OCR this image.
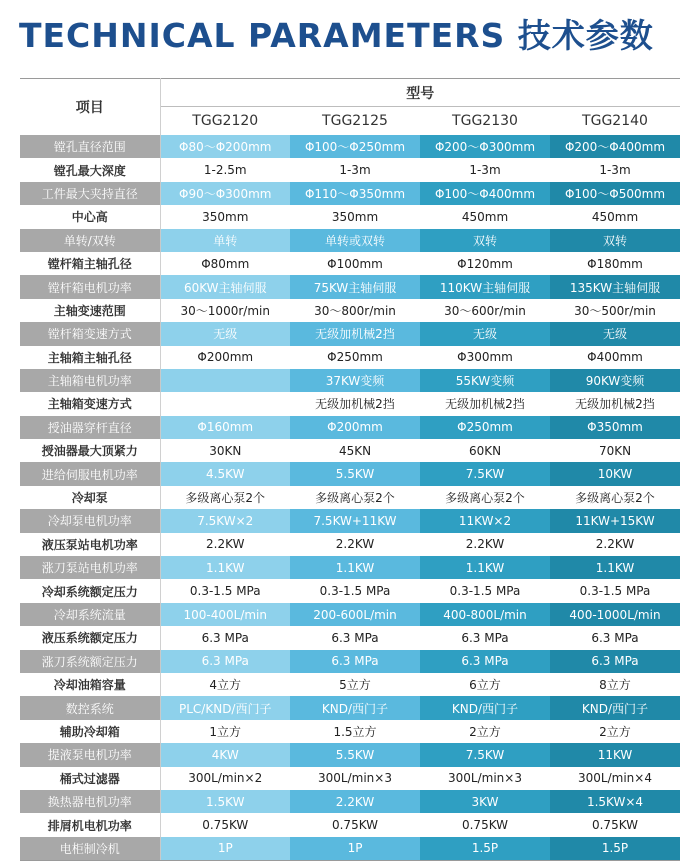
TECHNICAL PARAMETERS 技术参数
项目	型号			
	TGG2120	TGG2125	TGG2130	TGG2140
镗孔直径范围	Φ80～Φ200mm	Φ100～Φ250mm	Φ200～Φ300mm	Φ200～Φ400mm
镗孔最大深度	1-2.5m	1-3m	1-3m	1-3m
工件最大夹持直径	Φ90～Φ300mm	Φ110～Φ350mm	Φ100～Φ400mm	Φ100～Φ500mm
中心高	350mm	350mm	450mm	450mm
单转/双转	单转	单转或双转	双转	双转
镗杆箱主轴孔径	Φ80mm	Φ100mm	Φ120mm	Φ180mm
镗杆箱电机功率	60KW主轴伺服	75KW主轴伺服	110KW主轴伺服	135KW主轴伺服
主轴变速范围	30～1000r/min	30～800r/min	30～600r/min	30～500r/min
镗杆箱变速方式	无级	无级加机械2挡	无级	无级
主轴箱主轴孔径	Φ200mm	Φ250mm	Φ300mm	Φ400mm
主轴箱电机功率		37KW变频	55KW变频	90KW变频
主轴箱变速方式		无级加机械2挡	无级加机械2挡	无级加机械2挡
授油器穿杆直径	Φ160mm	Φ200mm	Φ250mm	Φ350mm
授油器最大顶紧力	30KN	45KN	60KN	70KN
进给伺服电机功率	4.5KW	5.5KW	7.5KW	10KW
冷却泵	多级离心泵2个	多级离心泵2个	多级离心泵2个	多级离心泵2个
冷却泵电机功率	7.5KW×2	7.5KW+11KW	11KW×2	11KW+15KW
液压泵站电机功率	2.2KW	2.2KW	2.2KW	2.2KW
涨刀泵站电机功率	1.1KW	1.1KW	1.1KW	1.1KW
冷却系统额定压力	0.3-1.5 MPa	0.3-1.5 MPa	0.3-1.5 MPa	0.3-1.5 MPa
冷却系统流量	100-400L/min	200-600L/min	400-800L/min	400-1000L/min
液压系统额定压力	6.3 MPa	6.3 MPa	6.3 MPa	6.3 MPa
涨刀系统额定压力	6.3 MPa	6.3 MPa	6.3 MPa	6.3 MPa
冷却油箱容量	4立方	5立方	6立方	8立方
数控系统	PLC/KND/西门子	KND/西门子	KND/西门子	KND/西门子
辅助冷却箱	1立方	1.5立方	2立方	2立方
提液泵电机功率	4KW	5.5KW	7.5KW	11KW
桶式过滤器	300L/min×2	300L/min×3	300L/min×3	300L/min×4
换热器电机功率	1.5KW	2.2KW	3KW	1.5KW×4
排屑机电机功率	0.75KW	0.75KW	0.75KW	0.75KW
电柜制冷机	1P	1P	1.5P	1.5P
